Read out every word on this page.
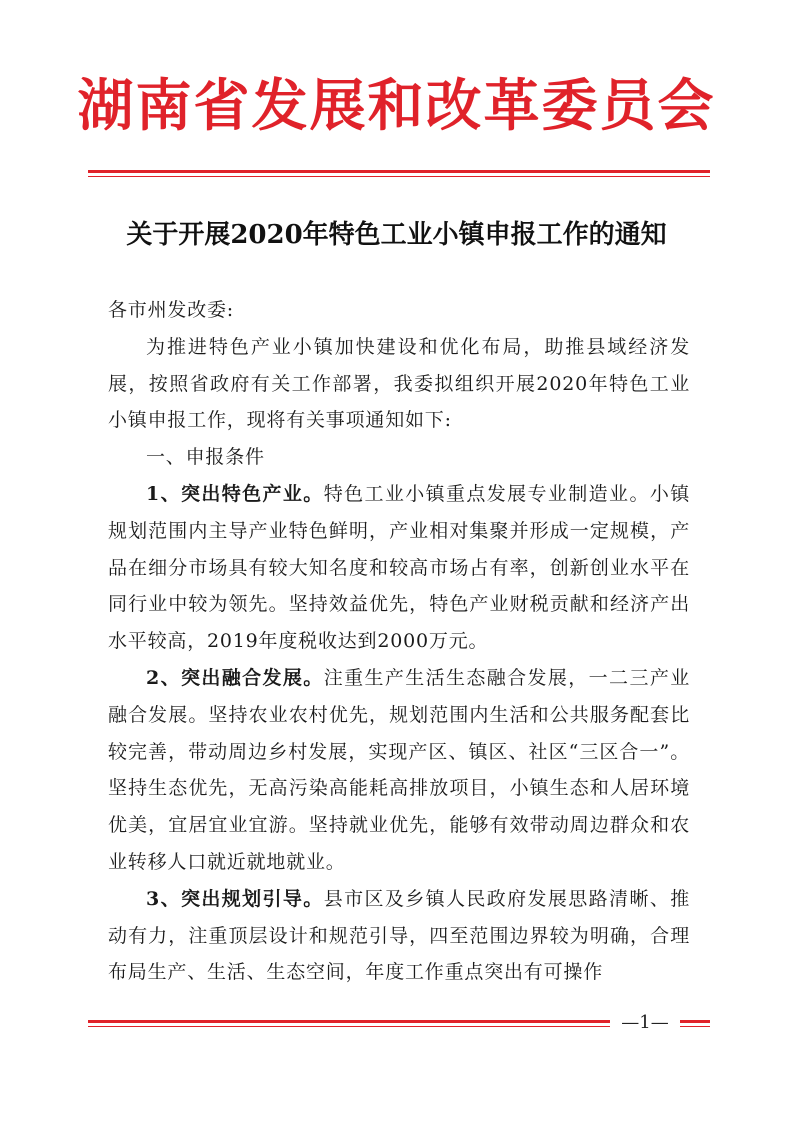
湖南省发展和改革委员会
关于开展2020年特色工业小镇申报工作的通知

各市州发改委:

为推进特色产业小镇加快建设和优化布局，助推县域经济发展，按照省政府有关工作部署，我委拟组织开展2020年特色工业小镇申报工作，现将有关事项通知如下:

一、申报条件

1、突出特色产业。特色工业小镇重点发展专业制造业。小镇规划范围内主导产业特色鲜明，产业相对集聚并形成一定规模，产品在细分市场具有较大知名度和较高市场占有率，创新创业水平在同行业中较为领先。坚持效益优先，特色产业财税贡献和经济产出水平较高，2019年度税收达到2000万元。

2、突出融合发展。注重生产生活生态融合发展，一二三产业融合发展。坚持农业农村优先，规划范围内生活和公共服务配套比较完善，带动周边乡村发展，实现产区、镇区、社区“三区合一”。坚持生态优先，无高污染高能耗高排放项目，小镇生态和人居环境优美，宜居宜业宜游。坚持就业优先，能够有效带动周边群众和农业转移人口就近就地就业。

3、突出规划引导。县市区及乡镇人民政府发展思路清晰、推动有力，注重顶层设计和规范引导，四至范围边界较为明确，合理布局生产、生活、生态空间，年度工作重点突出有可操作

—1—
